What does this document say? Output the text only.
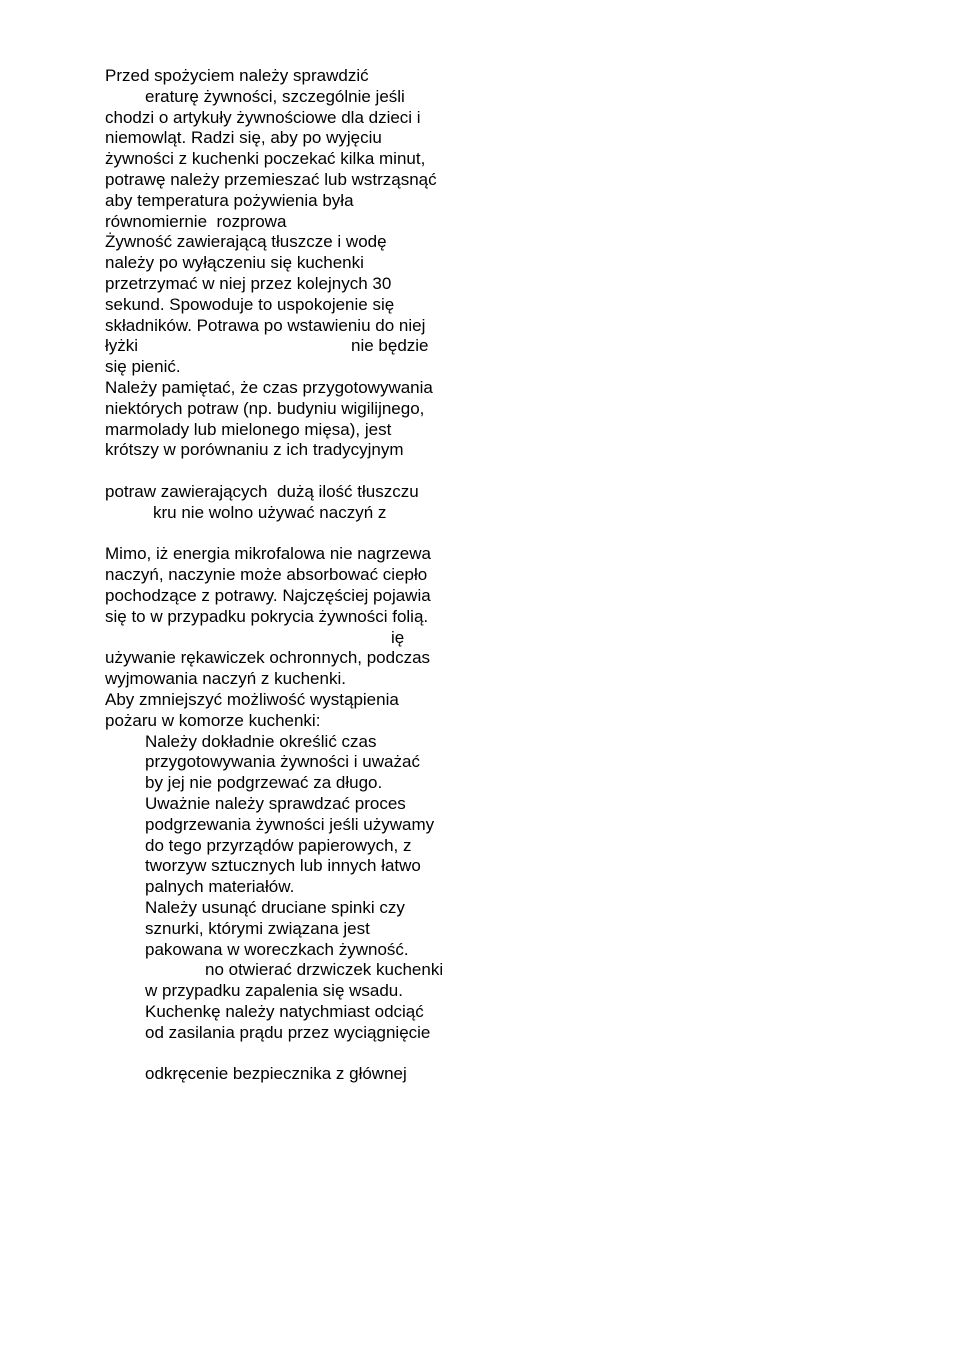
Przed spożyciem należy sprawdzić
eraturę żywności, szczególnie jeśli
chodzi o artykuły żywnościowe dla dzieci i
niemowląt. Radzi się, aby po wyjęciu
żywności z kuchenki poczekać kilka minut,
potrawę należy przemieszać lub wstrząsnąć
aby temperatura pożywienia była
równomiernie  rozprowa
Żywność zawierającą tłuszcze i wodę
należy po wyłączeniu się kuchenki
przetrzymać w niej przez kolejnych 30
sekund. Spowoduje to uspokojenie się
składników. Potrawa po wstawieniu do niej
łyżki	nie będzie
się pienić.
Należy pamiętać, że czas przygotowywania
niektórych potraw (np. budyniu wigilijnego,
marmolady lub mielonego mięsa), jest
krótszy w porównaniu z ich tradycyjnym
potraw zawierających  dużą ilość tłuszczu
kru nie wolno używać naczyń z
Mimo, iż energia mikrofalowa nie nagrzewa
naczyń, naczynie może absorbować ciepło
pochodzące z potrawy. Najczęściej pojawia
się to w przypadku pokrycia żywności folią.
ię
używanie rękawiczek ochronnych, podczas
wyjmowania naczyń z kuchenki.
Aby zmniejszyć możliwość wystąpienia
pożaru w komorze kuchenki:
Należy dokładnie określić czas
przygotowywania żywności i uważać
by jej nie podgrzewać za długo.
Uważnie należy sprawdzać proces
podgrzewania żywności jeśli używamy
do tego przyrządów papierowych, z
tworzyw sztucznych lub innych łatwo
palnych materiałów.
Należy usunąć druciane spinki czy
sznurki, którymi związana jest
pakowana w woreczkach żywność.
no otwierać drzwiczek kuchenki
w przypadku zapalenia się wsadu.
Kuchenkę należy natychmiast odciąć
od zasilania prądu przez wyciągnięcie
odkręcenie bezpiecznika z głównej
